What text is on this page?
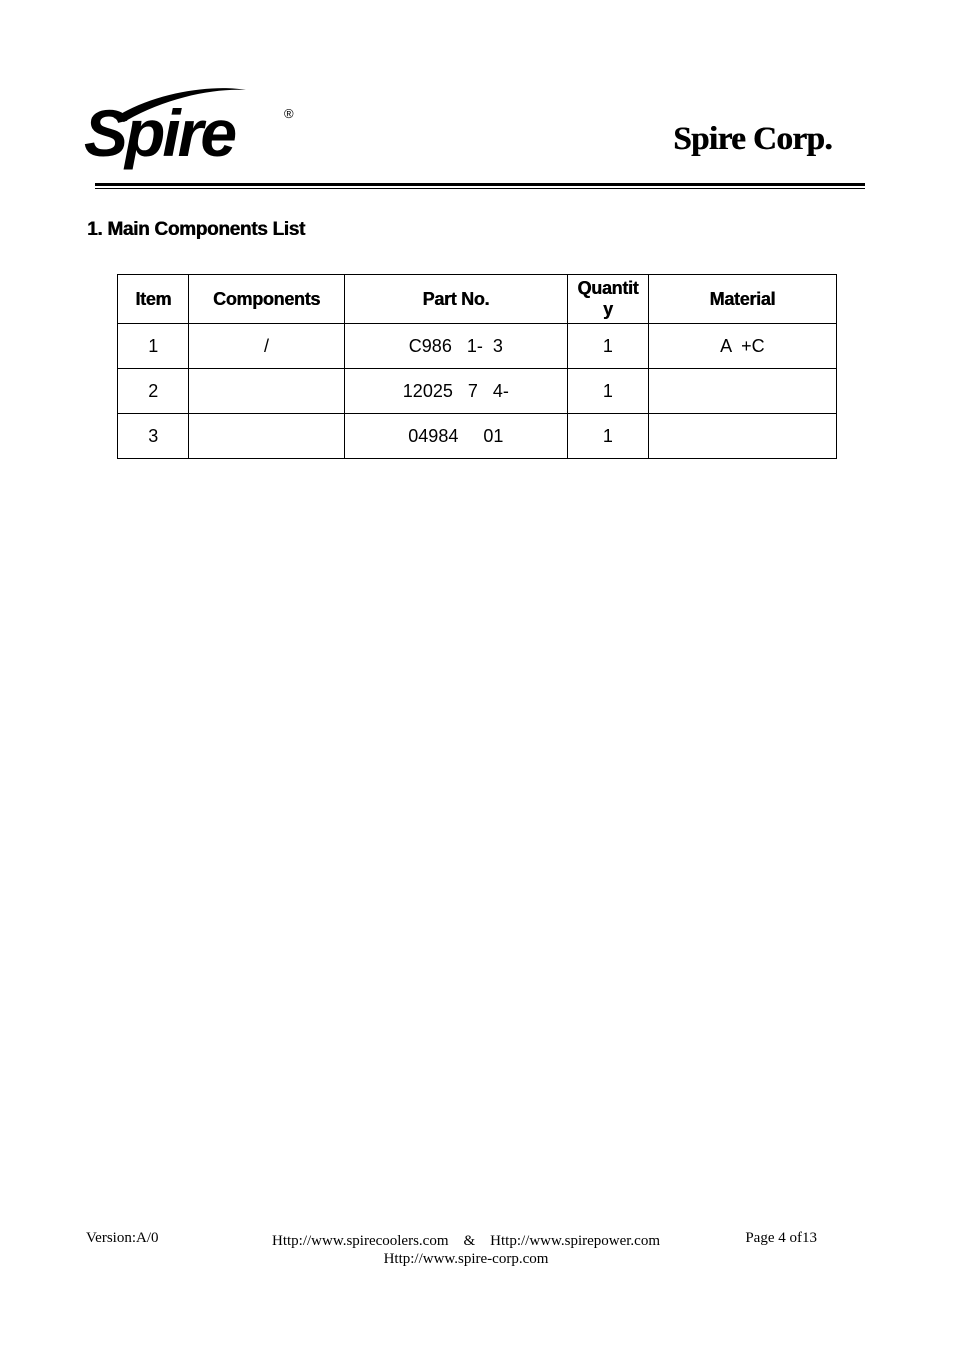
Spire	®
Spire Corp.
1. Main Components List
Item	Components	Part No.	Quantity	Material
1	/	C986   1-  3	1	A  +C
2		12025   7   4-	1	
3		04984     01	1	
Version:A/0	Http://www.spirecoolers.com    &    Http://www.spirepower.com
Http://www.spire-corp.com
Page 4 of13
